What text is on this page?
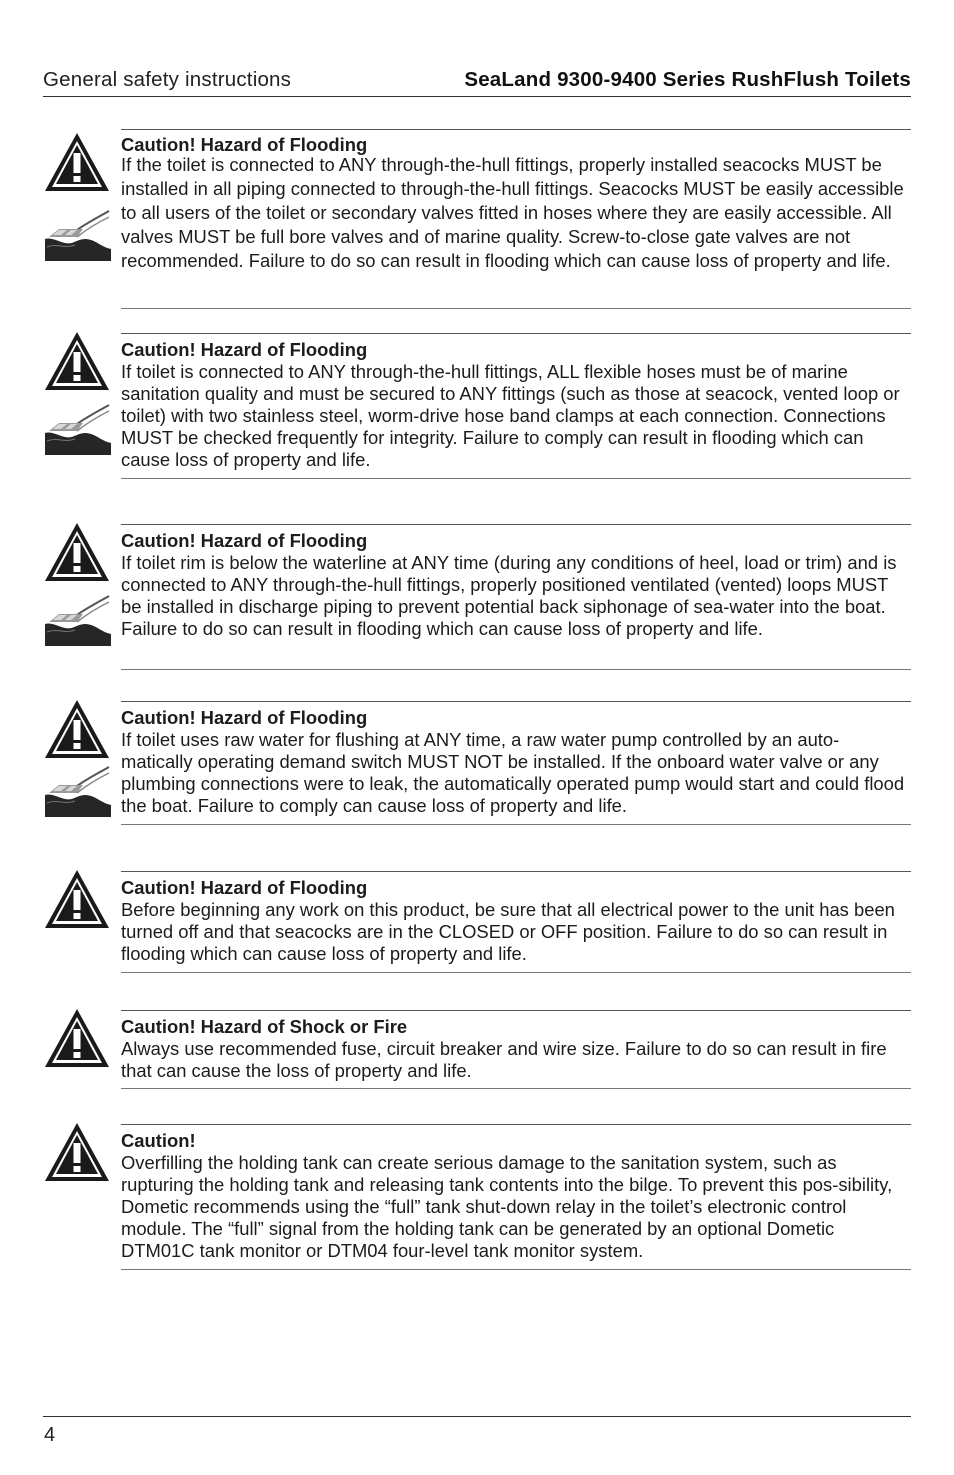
General safety instructions	SeaLand 9300-9400 Series RushFlush Toilets
Caution! Hazard of Flooding
If the toilet is connected to ANY through-the-hull fittings, properly installed seacocks MUST be installed in all piping connected to through-the-hull fittings. Seacocks MUST be easily accessible to all users of the toilet or secondary valves fitted in hoses where they are easily accessible. All valves MUST be full bore valves and of marine quality. Screw-to-close gate valves are not recommended. Failure to do so can result in flooding which can cause loss of property and life.
Caution! Hazard of Flooding
If toilet is connected to ANY through-the-hull fittings, ALL flexible hoses must be of marine sanitation quality and must be secured to ANY fittings (such as those at seacock, vented loop or toilet) with two stainless steel, worm-drive hose band clamps at each connection. Connections MUST be checked frequently for integrity. Failure to comply can result in flooding which can cause loss of property and life.
Caution! Hazard of Flooding
If toilet rim is below the waterline at ANY time (during any conditions of heel, load or trim) and is connected to ANY through-the-hull fittings, properly positioned ventilated (vented) loops MUST be installed in discharge piping to prevent potential back siphonage of sea-water into the boat. Failure to do so can result in flooding which can cause loss of property and life.
Caution! Hazard of Flooding
If toilet uses raw water for flushing at ANY time, a raw water pump controlled by an auto-matically operating demand switch MUST NOT be installed. If the onboard water valve or any plumbing connections were to leak, the automatically operated pump would start and could flood the boat. Failure to comply can cause loss of property and life.
Caution! Hazard of Flooding
Before beginning any work on this product, be sure that all electrical power to the unit has been turned off and that seacocks are in the CLOSED or OFF position. Failure to do so can result in flooding which can cause loss of property and life.
Caution! Hazard of Shock or Fire
Always use recommended fuse, circuit breaker and wire size. Failure to do so can result in fire that can cause the loss of property and life.
Caution!
Overfilling the holding tank can create serious damage to the sanitation system, such as rupturing the holding tank and releasing tank contents into the bilge. To prevent this pos-sibility, Dometic recommends using the “full” tank shut-down relay in the toilet’s electronic control module. The “full” signal from the holding tank can be generated by an optional Dometic DTM01C tank monitor or DTM04 four-level tank monitor system.
4
